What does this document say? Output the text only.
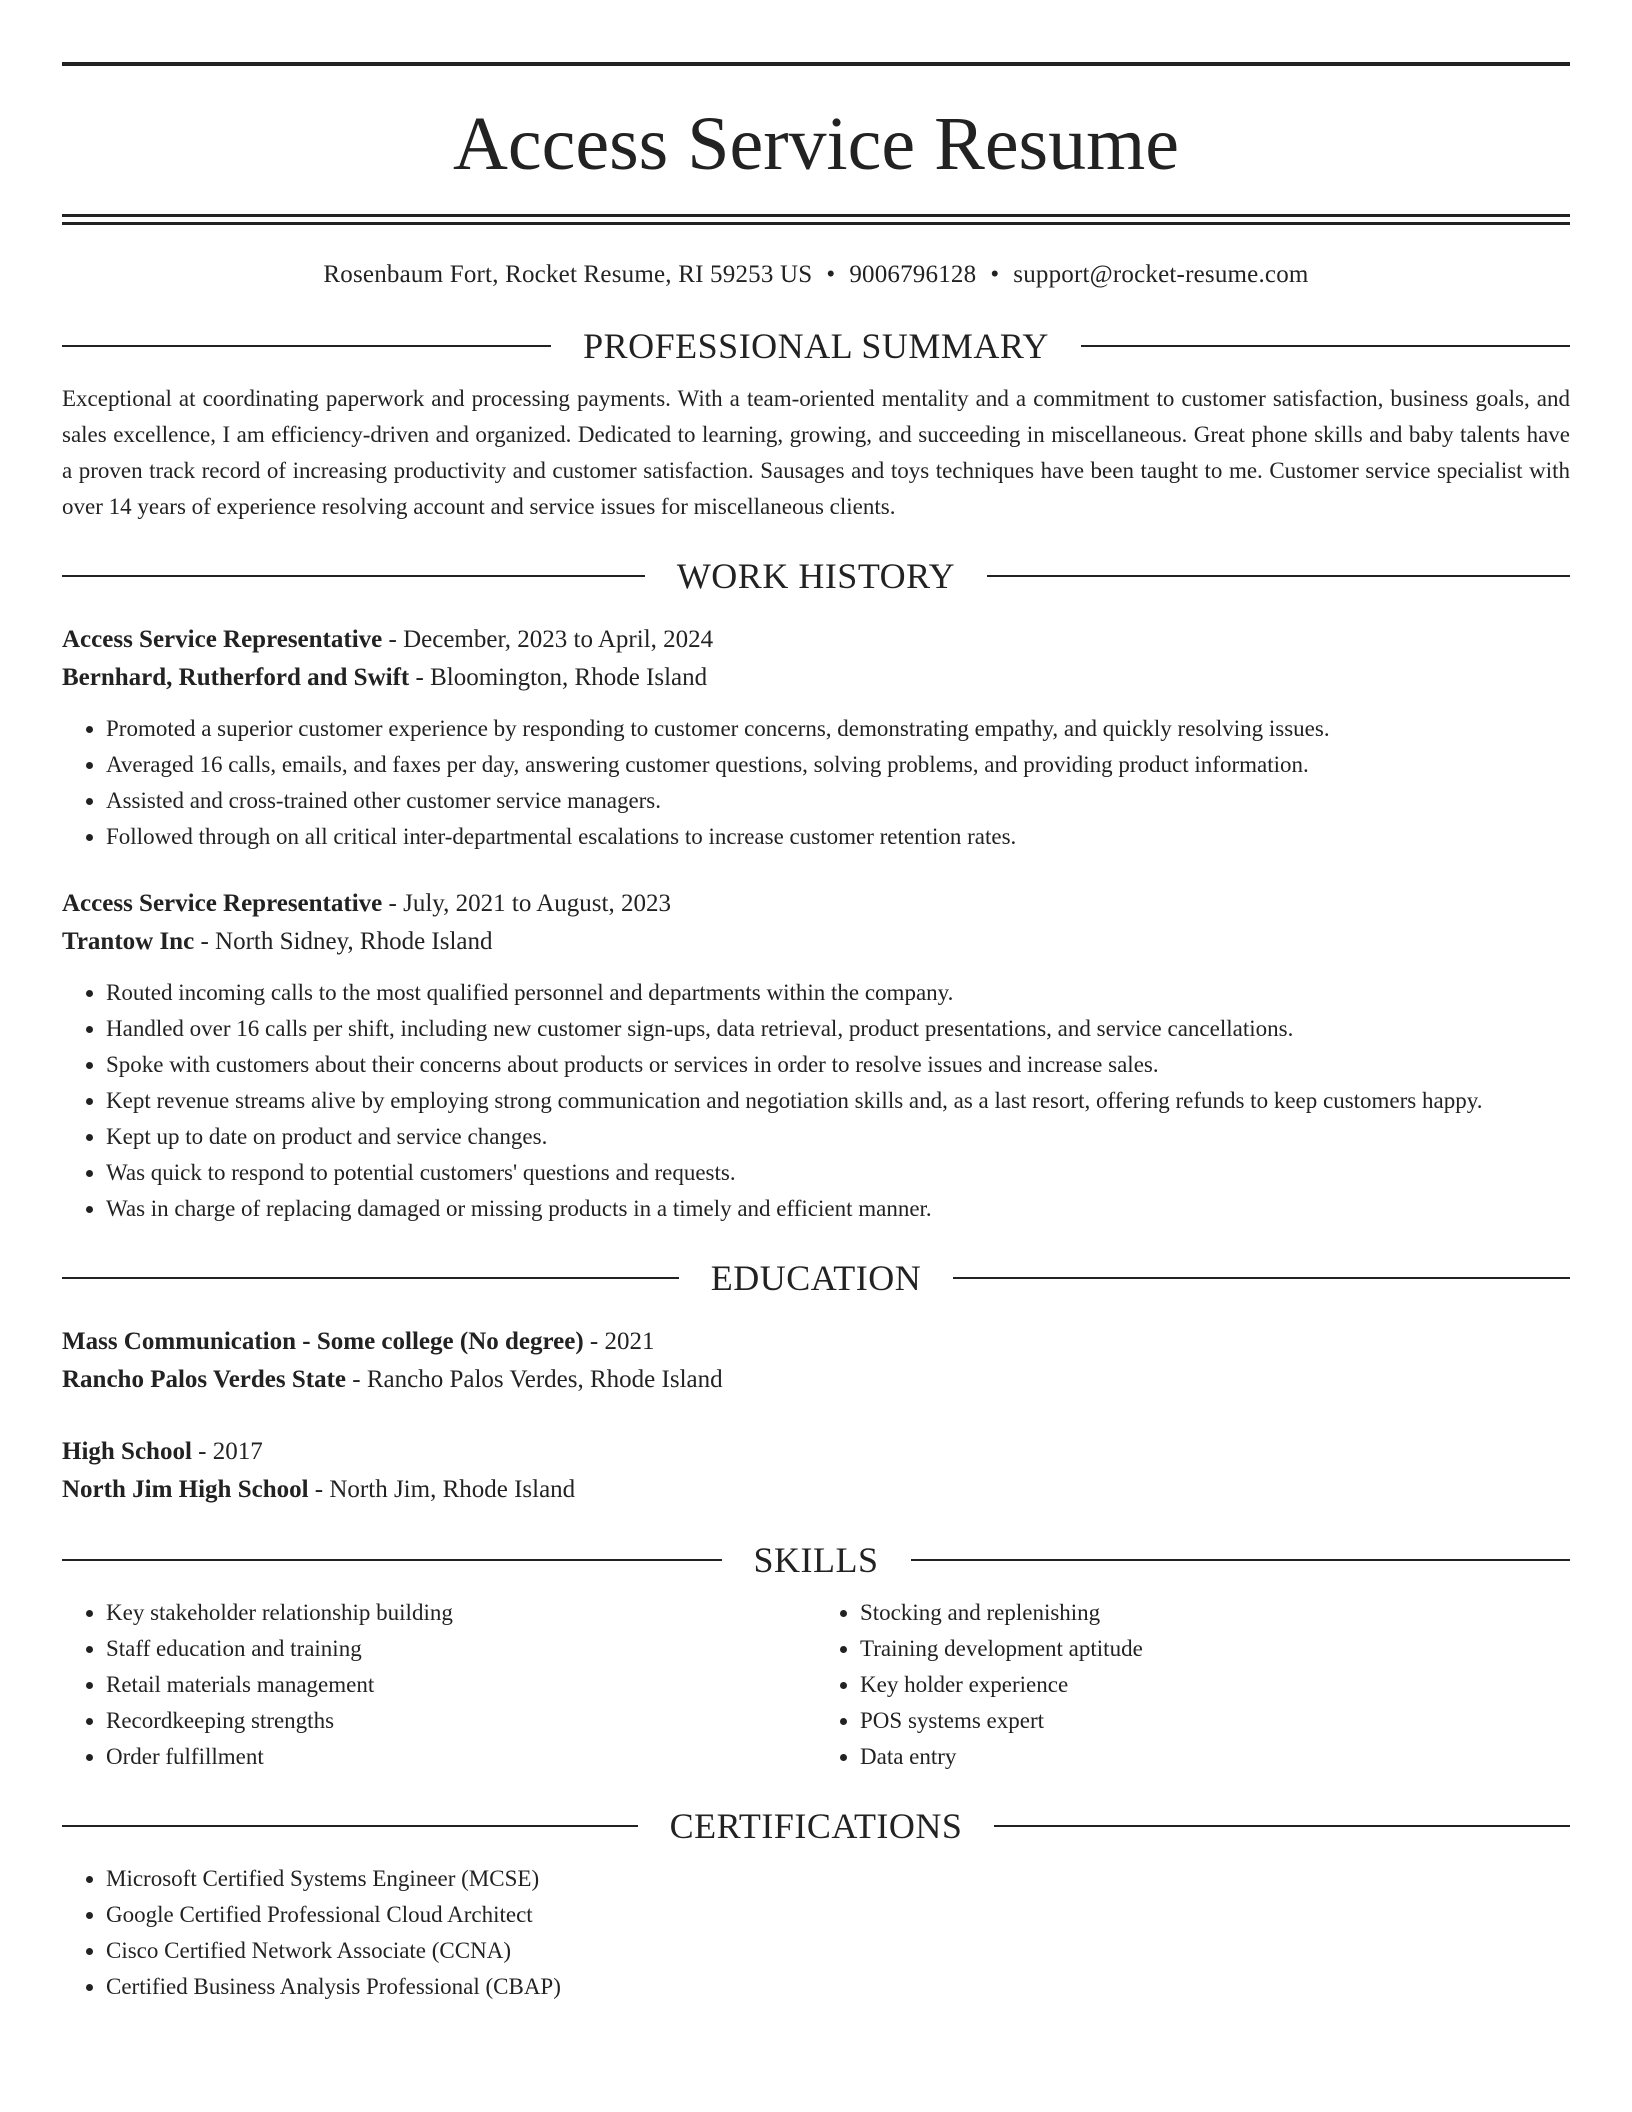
Access Service Resume
Rosenbaum Fort, Rocket Resume, RI 59253 US • 9006796128 • support@rocket-resume.com
PROFESSIONAL SUMMARY
Exceptional at coordinating paperwork and processing payments. With a team-oriented mentality and a commitment to customer satisfaction, business goals, and sales excellence, I am efficiency-driven and organized. Dedicated to learning, growing, and succeeding in miscellaneous. Great phone skills and baby talents have a proven track record of increasing productivity and customer satisfaction. Sausages and toys techniques have been taught to me. Customer service specialist with over 14 years of experience resolving account and service issues for miscellaneous clients.
WORK HISTORY
Access Service Representative - December, 2023 to April, 2024
Bernhard, Rutherford and Swift - Bloomington, Rhode Island
• Promoted a superior customer experience by responding to customer concerns, demonstrating empathy, and quickly resolving issues.
• Averaged 16 calls, emails, and faxes per day, answering customer questions, solving problems, and providing product information.
• Assisted and cross-trained other customer service managers.
• Followed through on all critical inter-departmental escalations to increase customer retention rates.
Access Service Representative - July, 2021 to August, 2023
Trantow Inc - North Sidney, Rhode Island
• Routed incoming calls to the most qualified personnel and departments within the company.
• Handled over 16 calls per shift, including new customer sign-ups, data retrieval, product presentations, and service cancellations.
• Spoke with customers about their concerns about products or services in order to resolve issues and increase sales.
• Kept revenue streams alive by employing strong communication and negotiation skills and, as a last resort, offering refunds to keep customers happy.
• Kept up to date on product and service changes.
• Was quick to respond to potential customers' questions and requests.
• Was in charge of replacing damaged or missing products in a timely and efficient manner.
EDUCATION
Mass Communication - Some college (No degree) - 2021
Rancho Palos Verdes State - Rancho Palos Verdes, Rhode Island
High School - 2017
North Jim High School - North Jim, Rhode Island
SKILLS
• Key stakeholder relationship building
• Staff education and training
• Retail materials management
• Recordkeeping strengths
• Order fulfillment
• Stocking and replenishing
• Training development aptitude
• Key holder experience
• POS systems expert
• Data entry
CERTIFICATIONS
• Microsoft Certified Systems Engineer (MCSE)
• Google Certified Professional Cloud Architect
• Cisco Certified Network Associate (CCNA)
• Certified Business Analysis Professional (CBAP)
